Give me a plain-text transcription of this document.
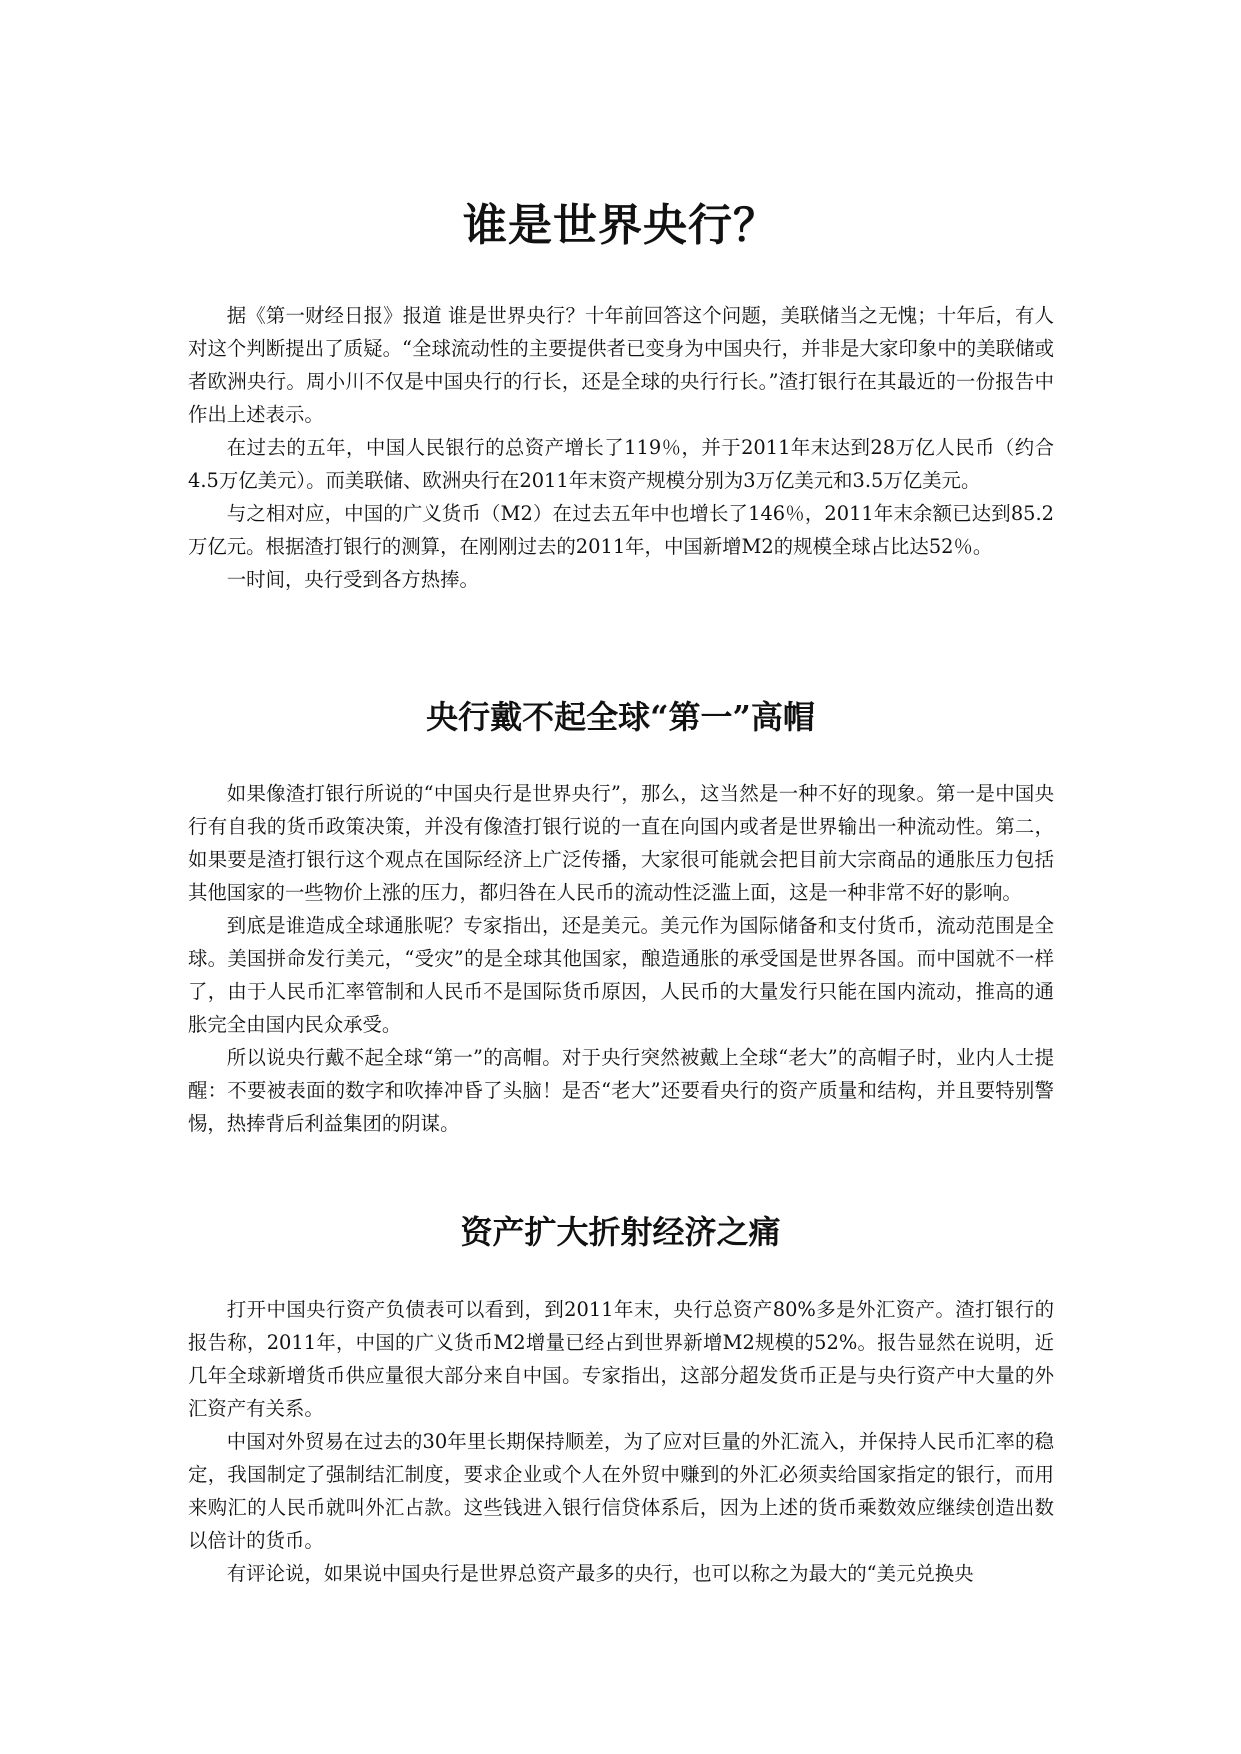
谁是世界央行？

据《第一财经日报》报道 谁是世界央行？十年前回答这个问题，美联储当之无愧；十年后，有人对这个判断提出了质疑。“全球流动性的主要提供者已变身为中国央行，并非是大家印象中的美联储或者欧洲央行。周小川不仅是中国央行的行长，还是全球的央行行长。”渣打银行在其最近的一份报告中作出上述表示。

在过去的五年，中国人民银行的总资产增长了119％，并于2011年末达到28万亿人民币（约合4.5万亿美元）。而美联储、欧洲央行在2011年末资产规模分别为3万亿美元和3.5万亿美元。

与之相对应，中国的广义货币（M2）在过去五年中也增长了146％，2011年末余额已达到85.2万亿元。根据渣打银行的测算，在刚刚过去的2011年，中国新增M2的规模全球占比达52％。

一时间，央行受到各方热捧。

央行戴不起全球“第一”高帽

如果像渣打银行所说的“中国央行是世界央行”，那么，这当然是一种不好的现象。第一是中国央行有自我的货币政策决策，并没有像渣打银行说的一直在向国内或者是世界输出一种流动性。第二，如果要是渣打银行这个观点在国际经济上广泛传播，大家很可能就会把目前大宗商品的通胀压力包括其他国家的一些物价上涨的压力，都归咎在人民币的流动性泛滥上面，这是一种非常不好的影响。

到底是谁造成全球通胀呢？专家指出，还是美元。美元作为国际储备和支付货币，流动范围是全球。美国拼命发行美元，“受灾”的是全球其他国家，酿造通胀的承受国是世界各国。而中国就不一样了，由于人民币汇率管制和人民币不是国际货币原因，人民币的大量发行只能在国内流动，推高的通胀完全由国内民众承受。

所以说央行戴不起全球“第一”的高帽。对于央行突然被戴上全球“老大”的高帽子时，业内人士提醒：不要被表面的数字和吹捧冲昏了头脑！是否“老大”还要看央行的资产质量和结构，并且要特别警惕，热捧背后利益集团的阴谋。

资产扩大折射经济之痛

打开中国央行资产负债表可以看到，到2011年末，央行总资产80%多是外汇资产。渣打银行的报告称，2011年，中国的广义货币M2增量已经占到世界新增M2规模的52%。报告显然在说明，近几年全球新增货币供应量很大部分来自中国。专家指出，这部分超发货币正是与央行资产中大量的外汇资产有关系。

中国对外贸易在过去的30年里长期保持顺差，为了应对巨量的外汇流入，并保持人民币汇率的稳定，我国制定了强制结汇制度，要求企业或个人在外贸中赚到的外汇必须卖给国家指定的银行，而用来购汇的人民币就叫外汇占款。这些钱进入银行信贷体系后，因为上述的货币乘数效应继续创造出数以倍计的货币。

有评论说，如果说中国央行是世界总资产最多的央行，也可以称之为最大的“美元兑换央
